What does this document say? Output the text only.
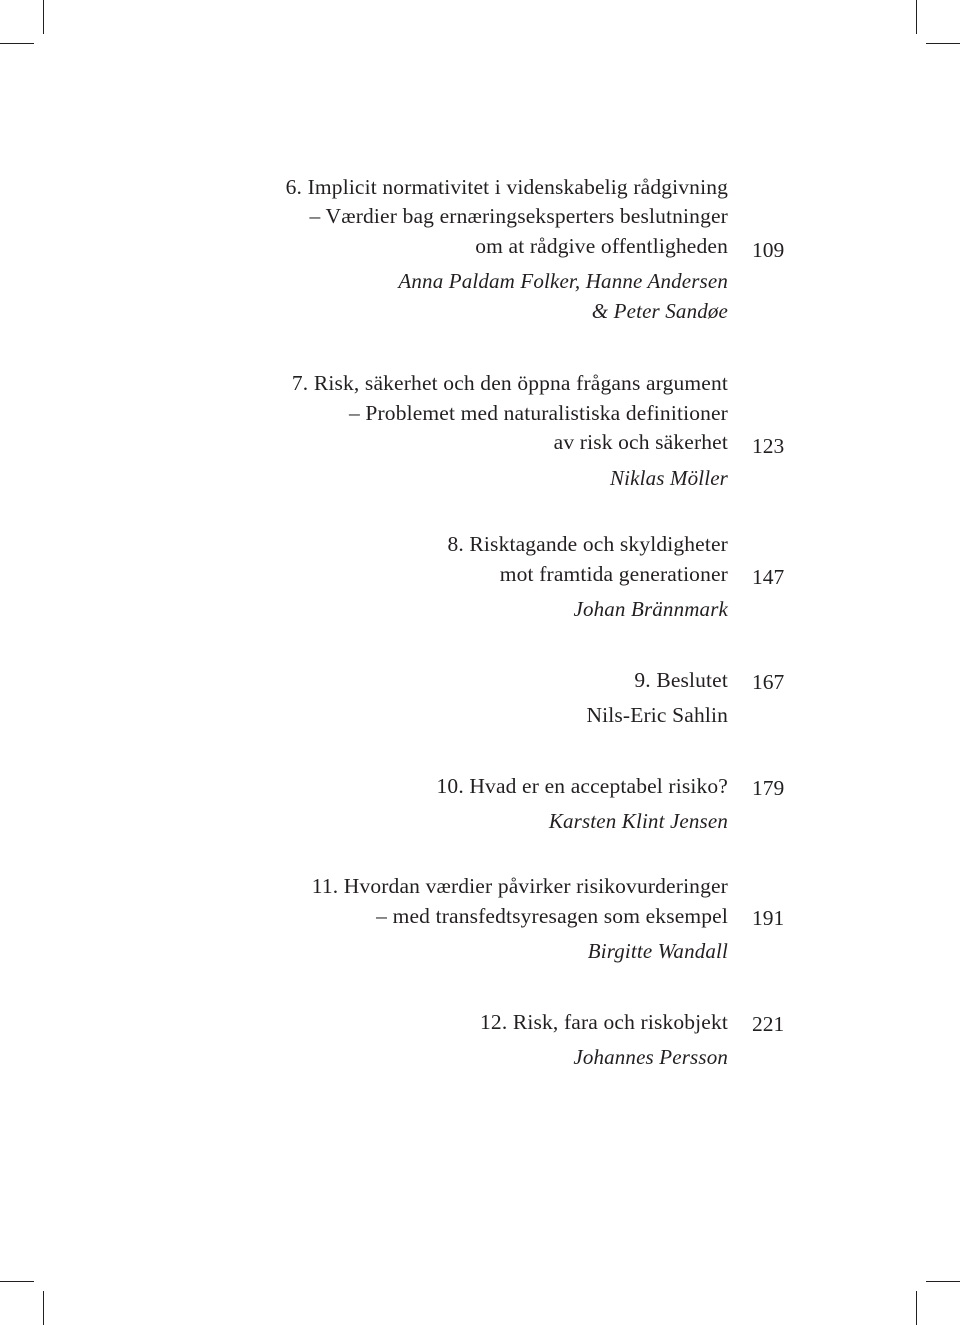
6. Implicit normativitet i videnskabelig rådgivning
– Værdier bag ernæringseksperters beslutninger
om at rådgive offentligheden 109
Anna Paldam Folker, Hanne Andersen
& Peter Sandøe
7. Risk, säkerhet och den öppna frågans argument
– Problemet med naturalistiska definitioner
av risk och säkerhet 123
Niklas Möller
8. Risktagande och skyldigheter
mot framtida generationer 147
Johan Brännmark
9. Beslutet 167
Nils-Eric Sahlin
10. Hvad er en acceptabel risiko? 179
Karsten Klint Jensen
11. Hvordan værdier påvirker risikovurderinger
– med transfedtsyresagen som eksempel 191
Birgitte Wandall
12. Risk, fara och riskobjekt 221
Johannes Persson
